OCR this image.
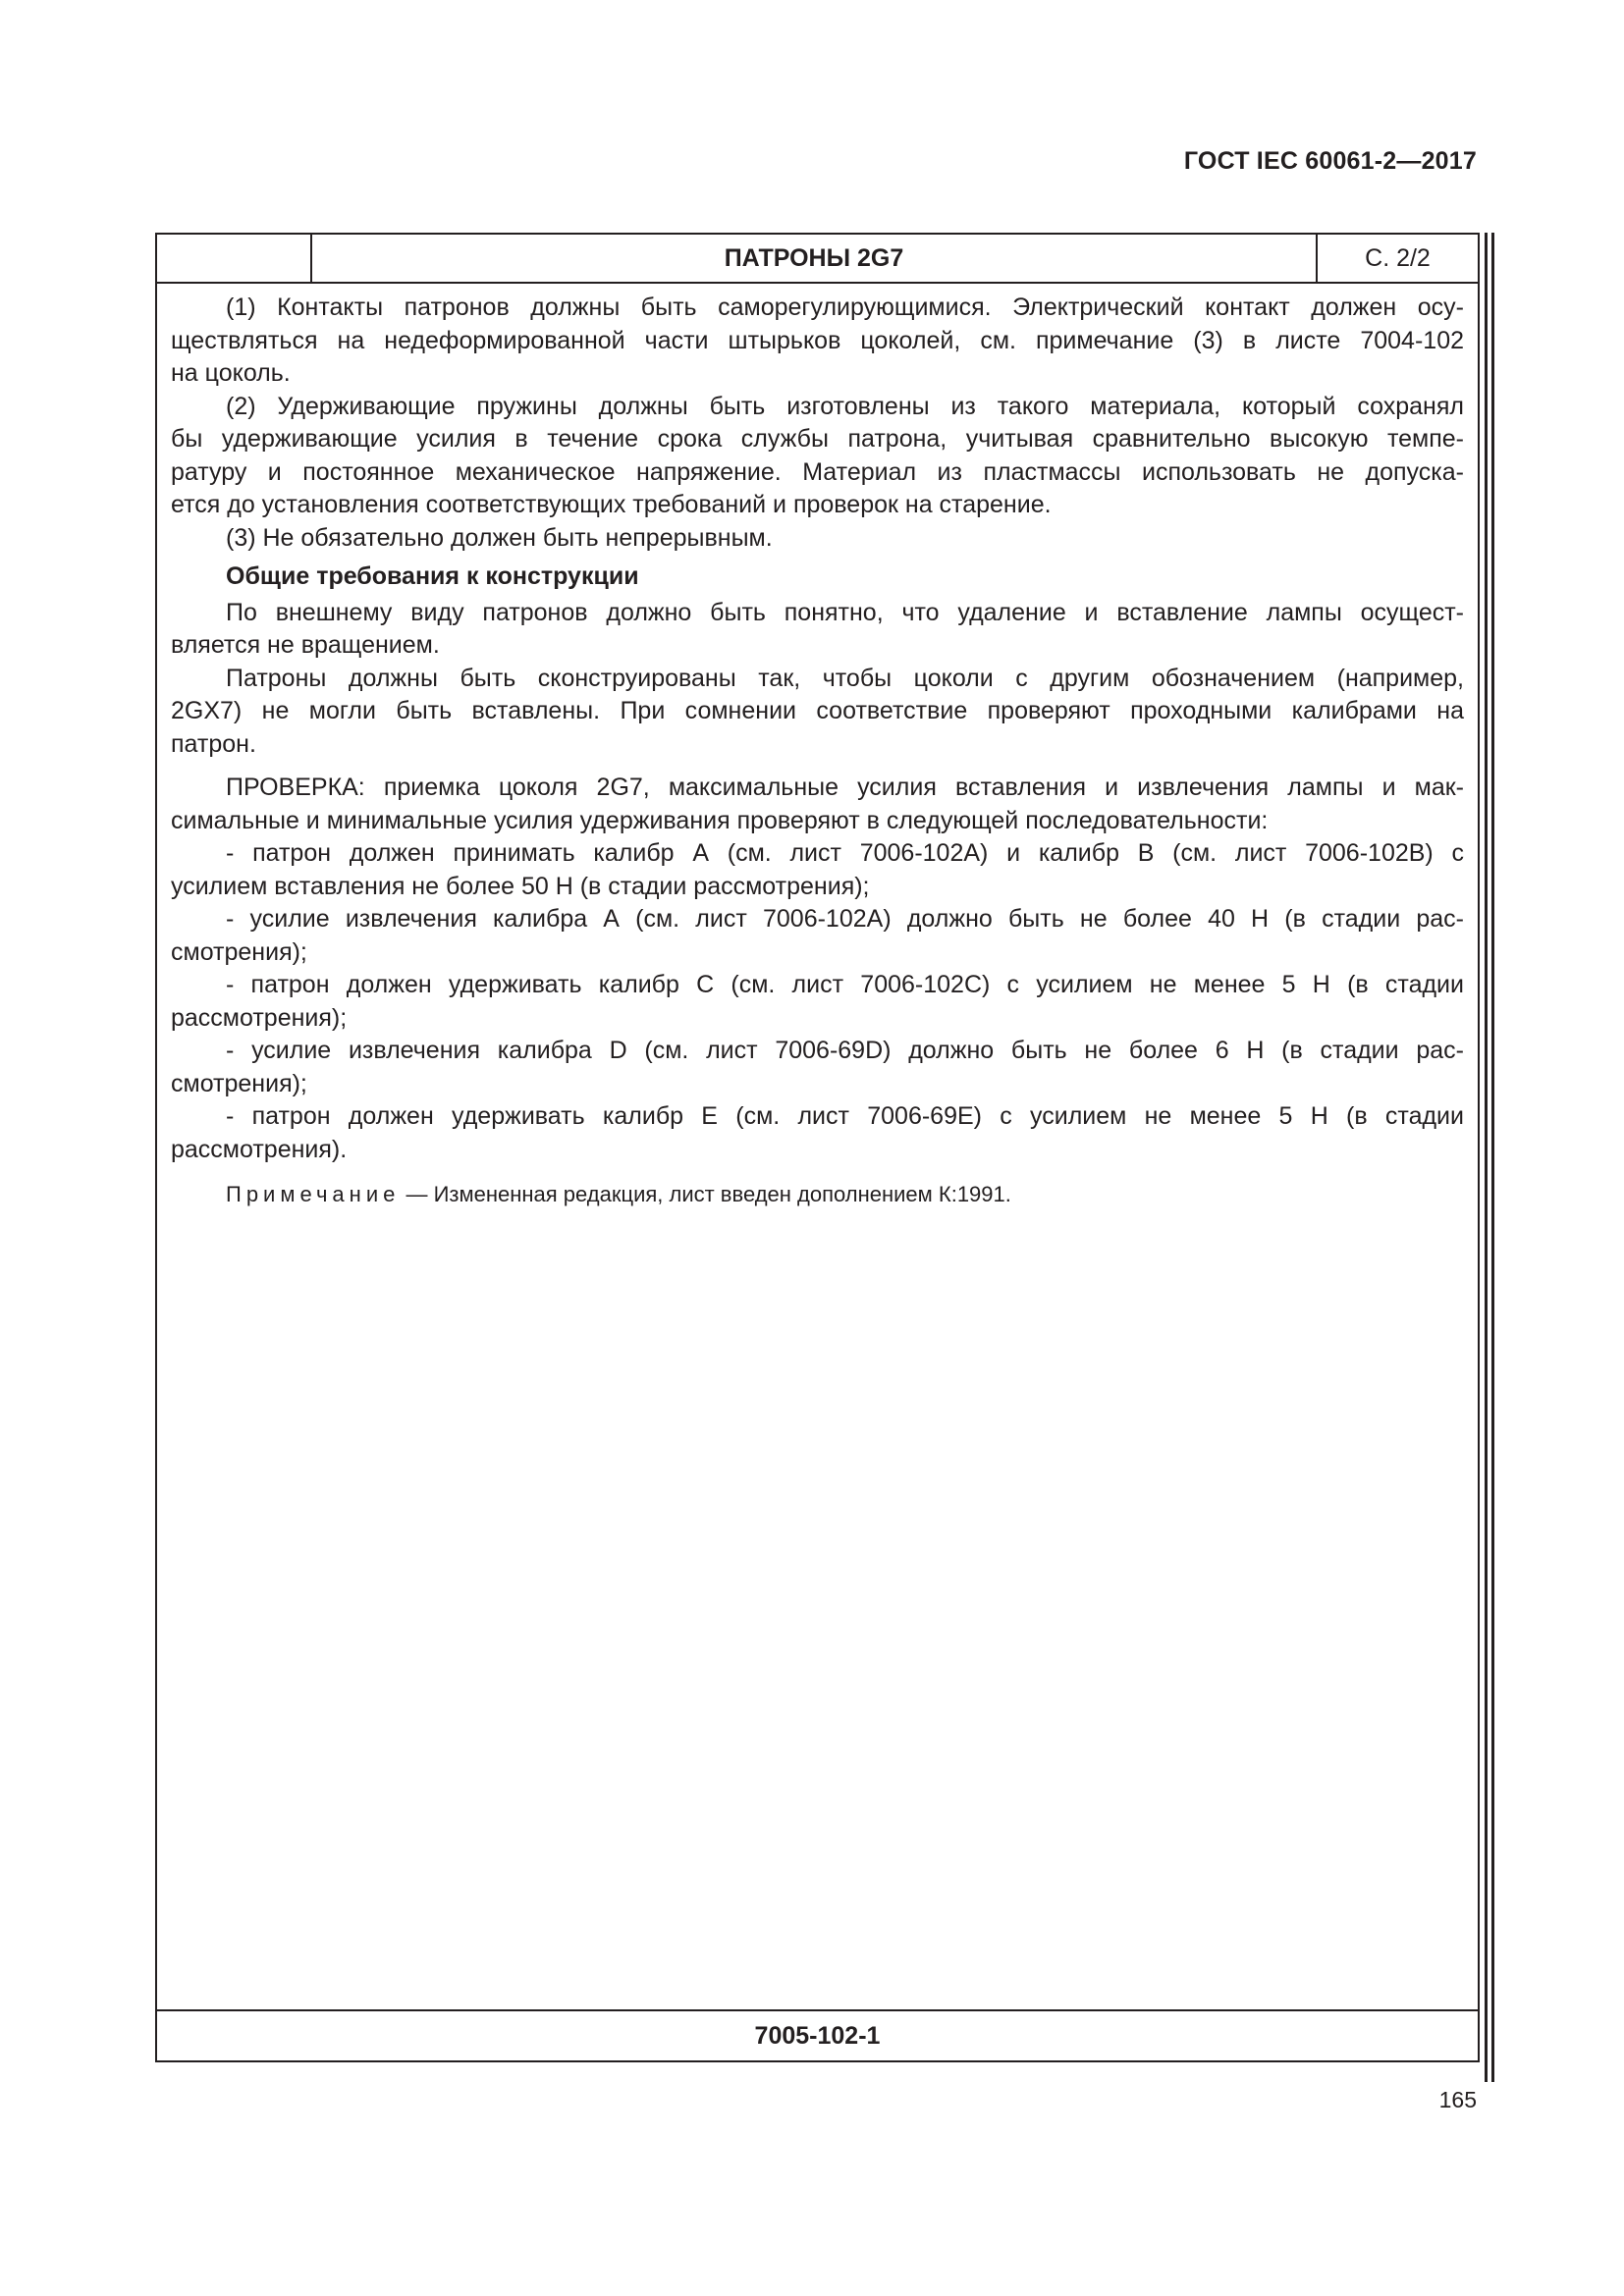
ГОСТ IEC 60061-2—2017
ПАТРОНЫ 2G7	С. 2/2

(1) Контакты патронов должны быть саморегулирующимися. Электрический контакт должен осу-

ществляться на недеформированной части штырьков цоколей, см. примечание (3) в листе 7004-102

на цоколь.

(2) Удерживающие пружины должны быть изготовлены из такого материала, который сохранял

бы удерживающие усилия в течение срока службы патрона, учитывая сравнительно высокую темпе-

ратуру и постоянное механическое напряжение. Материал из пластмассы использовать не допуска-

ется до установления соответствующих требований и проверок на старение.

(3) Не обязательно должен быть непрерывным.

Общие требования к конструкции

По внешнему виду патронов должно быть понятно, что удаление и вставление лампы осущест-

вляется не вращением.

Патроны должны быть сконструированы так, чтобы цоколи с другим обозначением (например,

2GX7) не могли быть вставлены. При сомнении соответствие проверяют проходными калибрами на

патрон.

ПРОВЕРКА: приемка цоколя 2G7, максимальные усилия вставления и извлечения лампы и мак-

симальные и минимальные усилия удерживания проверяют в следующей последовательности:

- патрон должен принимать калибр А (см. лист 7006-102А) и калибр В (см. лист 7006-102В) с

усилием вставления не более 50 Н (в стадии рассмотрения);

- усилие извлечения калибра А (см. лист 7006-102А) должно быть не более 40 Н (в стадии рас-

смотрения);

- патрон должен удерживать калибр С (см. лист 7006-102С) с усилием не менее 5 Н (в стадии

рассмотрения);

- усилие извлечения калибра D (см. лист 7006-69D) должно быть не более 6 Н (в стадии рас-

смотрения);

- патрон должен удерживать калибр Е (см. лист 7006-69Е) с усилием не менее 5 Н (в стадии

рассмотрения).

Примечание — Измененная редакция, лист введен дополнением К:1991.

7005-102-1
165
